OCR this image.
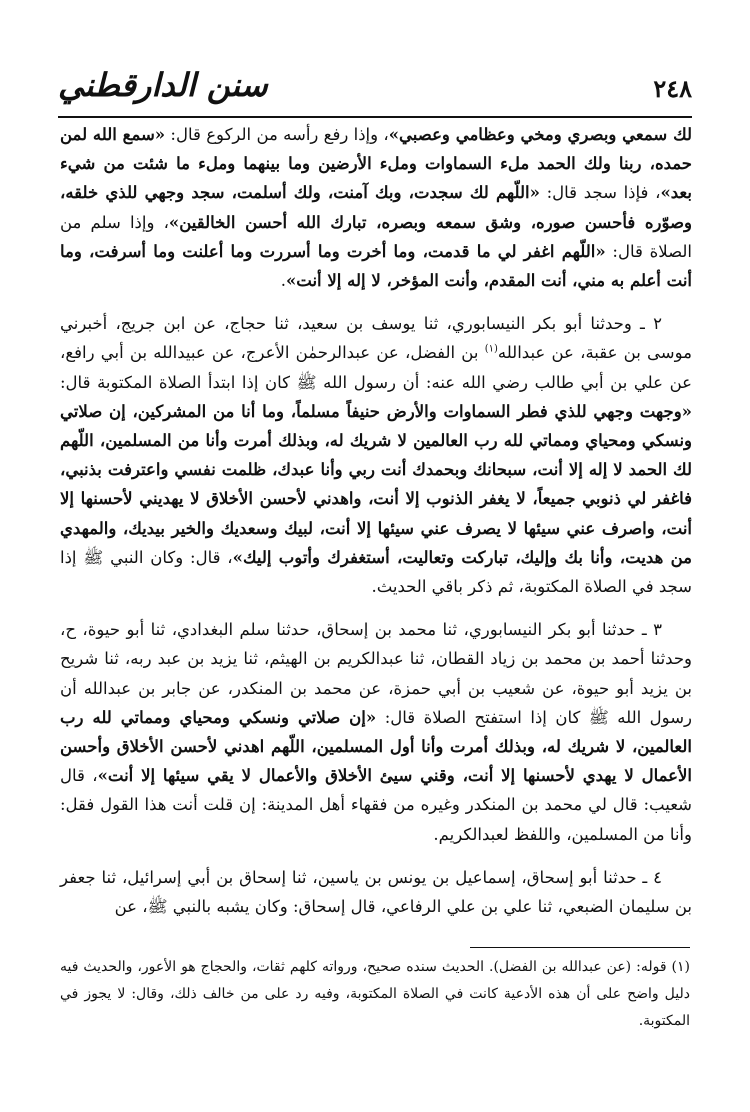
٢٤٨
سنن الدارقطني

لك سمعي وبصري ومخي وعظامي وعصبي»، وإذا رفع رأسه من الركوع قال: «سمع الله لمن حمده، ربنا ولك الحمد ملء السماوات وملء الأرضين وما بينهما وملء ما شئت من شيء بعد»، فإذا سجد قال: «اللّهم لك سجدت، وبك آمنت، ولك أسلمت، سجد وجهي للذي خلقه، وصوّره فأحسن صوره، وشق سمعه وبصره، تبارك الله أحسن الخالقين»، وإذا سلم من الصلاة قال: «اللّهم اغفر لي ما قدمت، وما أخرت وما أسررت وما أعلنت وما أسرفت، وما أنت أعلم به مني، أنت المقدم، وأنت المؤخر، لا إله إلا أنت».

٢ ـ وحدثنا أبو بكر النيسابوري، ثنا يوسف بن سعيد، ثنا حجاج، عن ابن جريج، أخبرني موسى بن عقبة، عن عبدالله$^{(١)}$ بن الفضل، عن عبدالرحمٰن الأعرج، عن عبيدالله بن أبي رافع، عن علي بن أبي طالب رضي الله عنه: أن رسول الله ﷺ كان إذا ابتدأ الصلاة المكتوبة قال: «وجهت وجهي للذي فطر السماوات والأرض حنيفاً مسلماً، وما أنا من المشركين، إن صلاتي ونسكي ومحياي ومماتي لله رب العالمين لا شريك له، وبذلك أمرت وأنا من المسلمين، اللّهم لك الحمد لا إله إلا أنت، سبحانك وبحمدك أنت ربي وأنا عبدك، ظلمت نفسي واعترفت بذنبي، فاغفر لي ذنوبي جميعاً، لا يغفر الذنوب إلا أنت، واهدني لأحسن الأخلاق لا يهديني لأحسنها إلا أنت، واصرف عني سيئها لا يصرف عني سيئها إلا أنت، لبيك وسعديك والخير بيديك، والمهدي من هديت، وأنا بك وإليك، تباركت وتعاليت، أستغفرك وأتوب إليك»، قال: وكان النبي ﷺ إذا سجد في الصلاة المكتوبة، ثم ذكر باقي الحديث.

٣ ـ حدثنا أبو بكر النيسابوري، ثنا محمد بن إسحاق، حدثنا سلم البغدادي، ثنا أبو حيوة، ح، وحدثنا أحمد بن محمد بن زياد القطان، ثنا عبدالكريم بن الهيثم، ثنا يزيد بن عبد ربه، ثنا شريح بن يزيد أبو حيوة، عن شعيب بن أبي حمزة، عن محمد بن المنكدر، عن جابر بن عبدالله أن رسول الله ﷺ كان إذا استفتح الصلاة قال: «إن صلاتي ونسكي ومحياي ومماتي لله رب العالمين، لا شريك له، وبذلك أمرت وأنا أول المسلمين، اللّهم اهدني لأحسن الأخلاق وأحسن الأعمال لا يهدي لأحسنها إلا أنت، وقني سيئ الأخلاق والأعمال لا يقي سيئها إلا أنت»، قال شعيب: قال لي محمد بن المنكدر وغيره من فقهاء أهل المدينة: إن قلت أنت هذا القول فقل: وأنا من المسلمين، واللفظ لعبدالكريم.

٤ ـ حدثنا أبو إسحاق، إسماعيل بن يونس بن ياسين، ثنا إسحاق بن أبي إسرائيل، ثنا جعفر بن سليمان الضبعي، ثنا علي بن علي الرفاعي، قال إسحاق: وكان يشبه بالنبي ﷺ، عن

(١) قوله: (عن عبدالله بن الفضل). الحديث سنده صحيح، ورواته كلهم ثقات، والحجاج هو الأعور، والحديث فيه دليل واضح على أن هذه الأدعية كانت في الصلاة المكتوبة، وفيه رد على من خالف ذلك، وقال: لا يجوز في المكتوبة.
